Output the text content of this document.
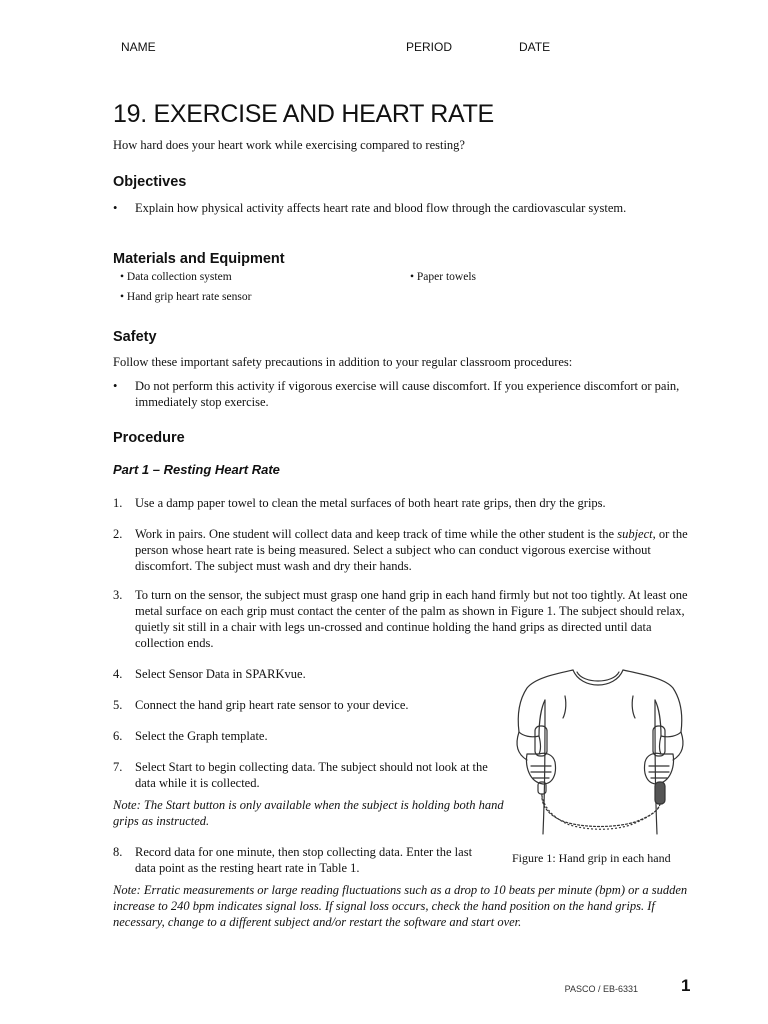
NAME	PERIOD	DATE
19. EXERCISE AND HEART RATE
How hard does your heart work while exercising compared to resting?
Objectives
• Explain how physical activity affects heart rate and blood flow through the cardiovascular system.
Materials and Equipment
• Data collection system	• Paper towels
• Hand grip heart rate sensor
Safety
Follow these important safety precautions in addition to your regular classroom procedures:
• Do not perform this activity if vigorous exercise will cause discomfort. If you experience discomfort or pain, immediately stop exercise.
Procedure
Part 1 – Resting Heart Rate
1. Use a damp paper towel to clean the metal surfaces of both heart rate grips, then dry the grips.
2. Work in pairs. One student will collect data and keep track of time while the other student is the subject, or the person whose heart rate is being measured. Select a subject who can conduct vigorous exercise without discomfort. The subject must wash and dry their hands.
3. To turn on the sensor, the subject must grasp one hand grip in each hand firmly but not too tightly. At least one metal surface on each grip must contact the center of the palm as shown in Figure 1. The subject should relax, quietly sit still in a chair with legs un-crossed and continue holding the hand grips as directed until data collection ends.
4. Select Sensor Data in SPARKvue.
5. Connect the hand grip heart rate sensor to your device.
6. Select the Graph template.
7. Select Start to begin collecting data. The subject should not look at the data while it is collected.
Note: The Start button is only available when the subject is holding both hand grips as instructed.
8. Record data for one minute, then stop collecting data. Enter the last data point as the resting heart rate in Table 1.
Note: Erratic measurements or large reading fluctuations such as a drop to 10 beats per minute (bpm) or a sudden increase to 240 bpm indicates signal loss. If signal loss occurs, check the hand position on the hand grips. If necessary, change to a different subject and/or restart the software and start over.
Figure 1: Hand grip in each hand
PASCO / EB-6331	1
